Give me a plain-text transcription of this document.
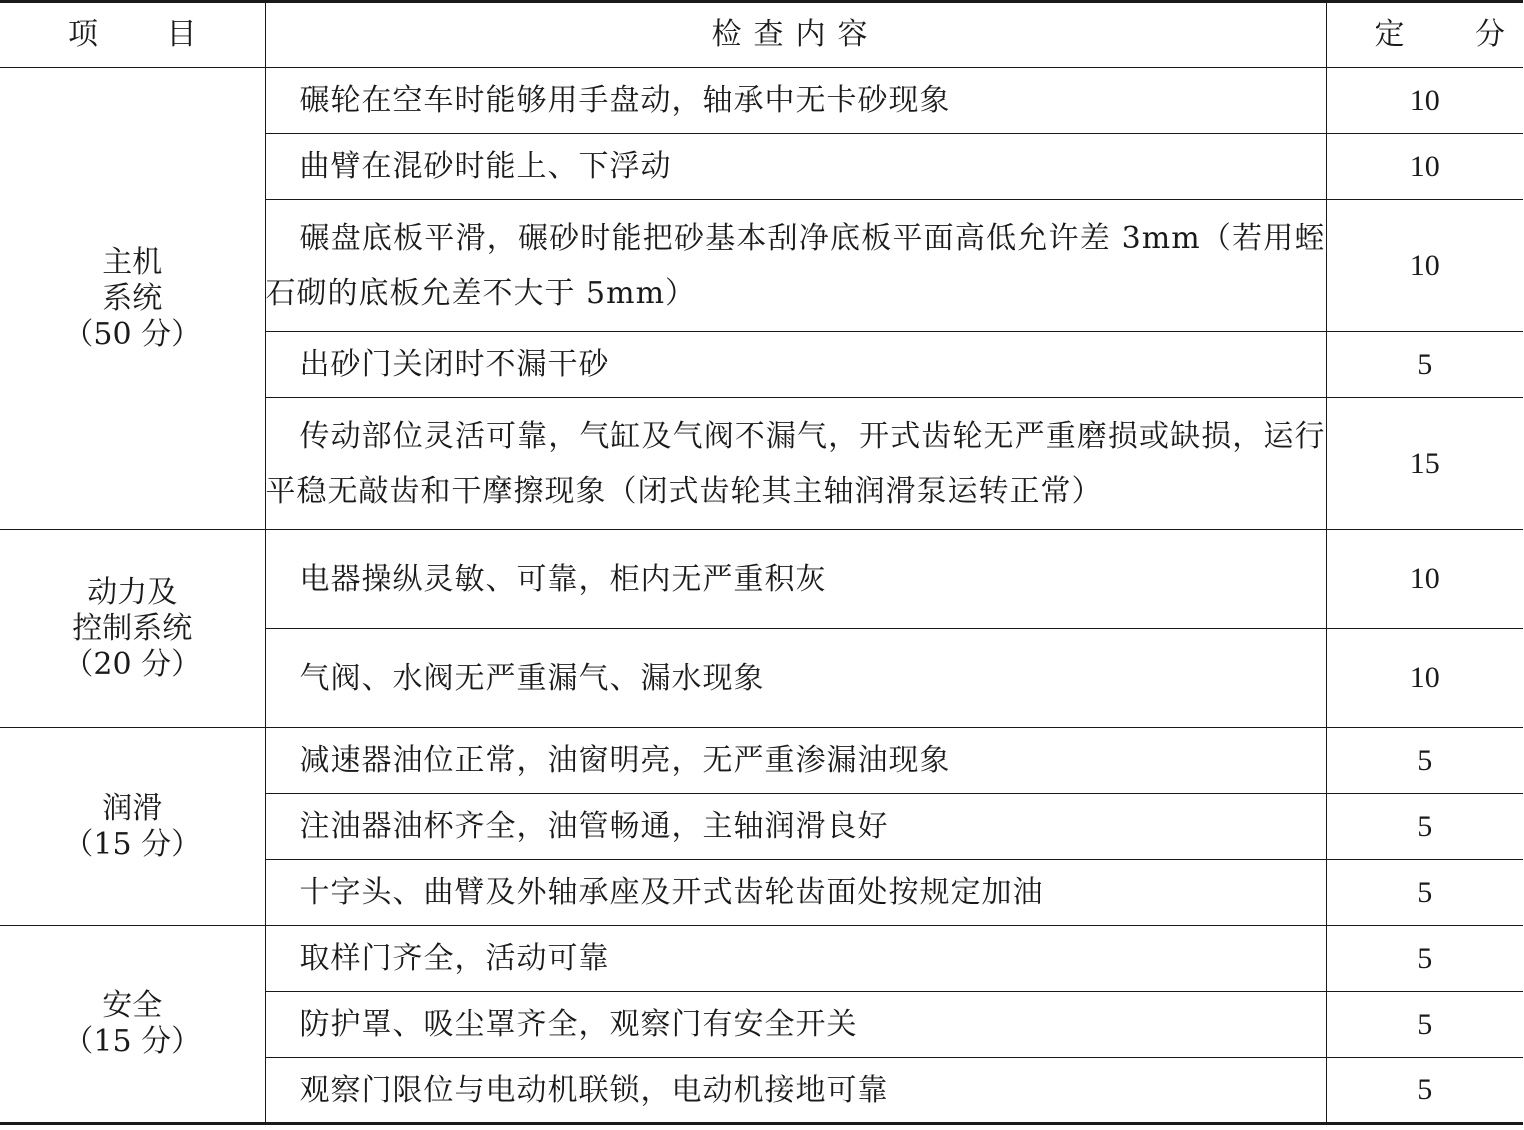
项 目	检查内容	定 分

主机
系统
（50 分）	碾轮在空车时能够用手盘动，轴承中无卡砂现象	10

	曲臂在混砂时能上、下浮动	10

	碾盘底板平滑，碾砂时能把砂基本刮净底板平面高低允许差 3mm（若用蛭石砌的底板允差不大于 5mm）	10

	出砂门关闭时不漏干砂	5

	传动部位灵活可靠，气缸及气阀不漏气，开式齿轮无严重磨损或缺损，运行平稳无敲齿和干摩擦现象（闭式齿轮其主轴润滑泵运转正常）	15

动力及
控制系统
（20 分）	电器操纵灵敏、可靠，柜内无严重积灰	10

	气阀、水阀无严重漏气、漏水现象	10

润滑
（15 分）	减速器油位正常，油窗明亮，无严重渗漏油现象	5

	注油器油杯齐全，油管畅通，主轴润滑良好	5

	十字头、曲臂及外轴承座及开式齿轮齿面处按规定加油	5

安全
（15 分）	取样门齐全，活动可靠	5

	防护罩、吸尘罩齐全，观察门有安全开关	5

	观察门限位与电动机联锁，电动机接地可靠	5
